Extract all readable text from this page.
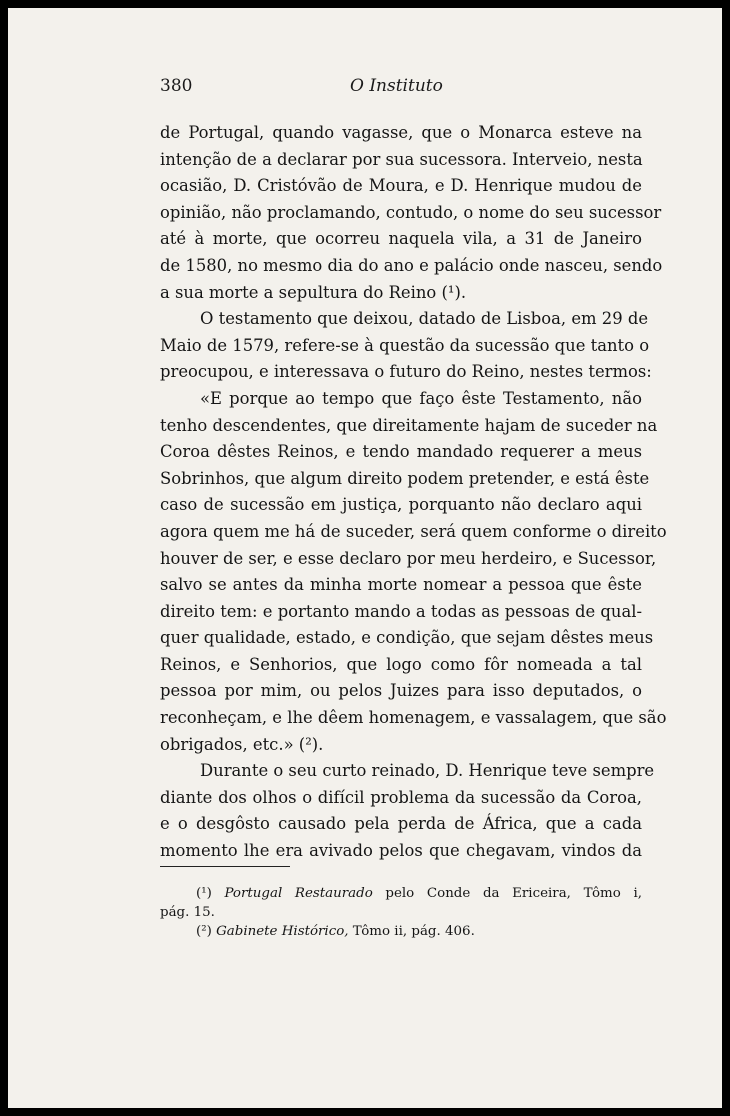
380	O Instituto
de Portugal, quando vagasse, que o Monarca esteve na
intenção de a declarar por sua sucessora. Interveio, nesta
ocasião, D. Cristóvão de Moura, e D. Henrique mudou de
opinião, não proclamando, contudo, o nome do seu sucessor
até à morte, que ocorreu naquela vila, a 31 de Janeiro
de 1580, no mesmo dia do ano e palácio onde nasceu, sendo
a sua morte a sepultura do Reino (¹).
O testamento que deixou, datado de Lisboa, em 29 de
Maio de 1579, refere-se à questão da sucessão que tanto o
preocupou, e interessava o futuro do Reino, nestes termos:
«E porque ao tempo que faço êste Testamento, não
tenho descendentes, que direitamente hajam de suceder na
Coroa dêstes Reinos, e tendo mandado requerer a meus
Sobrinhos, que algum direito podem pretender, e está êste
caso de sucessão em justiça, porquanto não declaro aqui
agora quem me há de suceder, será quem conforme o direito
houver de ser, e esse declaro por meu herdeiro, e Sucessor,
salvo se antes da minha morte nomear a pessoa que êste
direito tem: e portanto mando a todas as pessoas de qual-
quer qualidade, estado, e condição, que sejam dêstes meus
Reinos, e Senhorios, que logo como fôr nomeada a tal
pessoa por mim, ou pelos Juizes para isso deputados, o
reconheçam, e lhe dêem homenagem, e vassalagem, que são
obrigados, etc.» (²).
Durante o seu curto reinado, D. Henrique teve sempre
diante dos olhos o difícil problema da sucessão da Coroa,
e o desgôsto causado pela perda de África, que a cada
momento lhe era avivado pelos que chegavam, vindos da
(¹) Portugal Restaurado pelo Conde da Ericeira, Tômo i,
pág. 15.
(²) Gabinete Histórico, Tômo ii, pág. 406.
